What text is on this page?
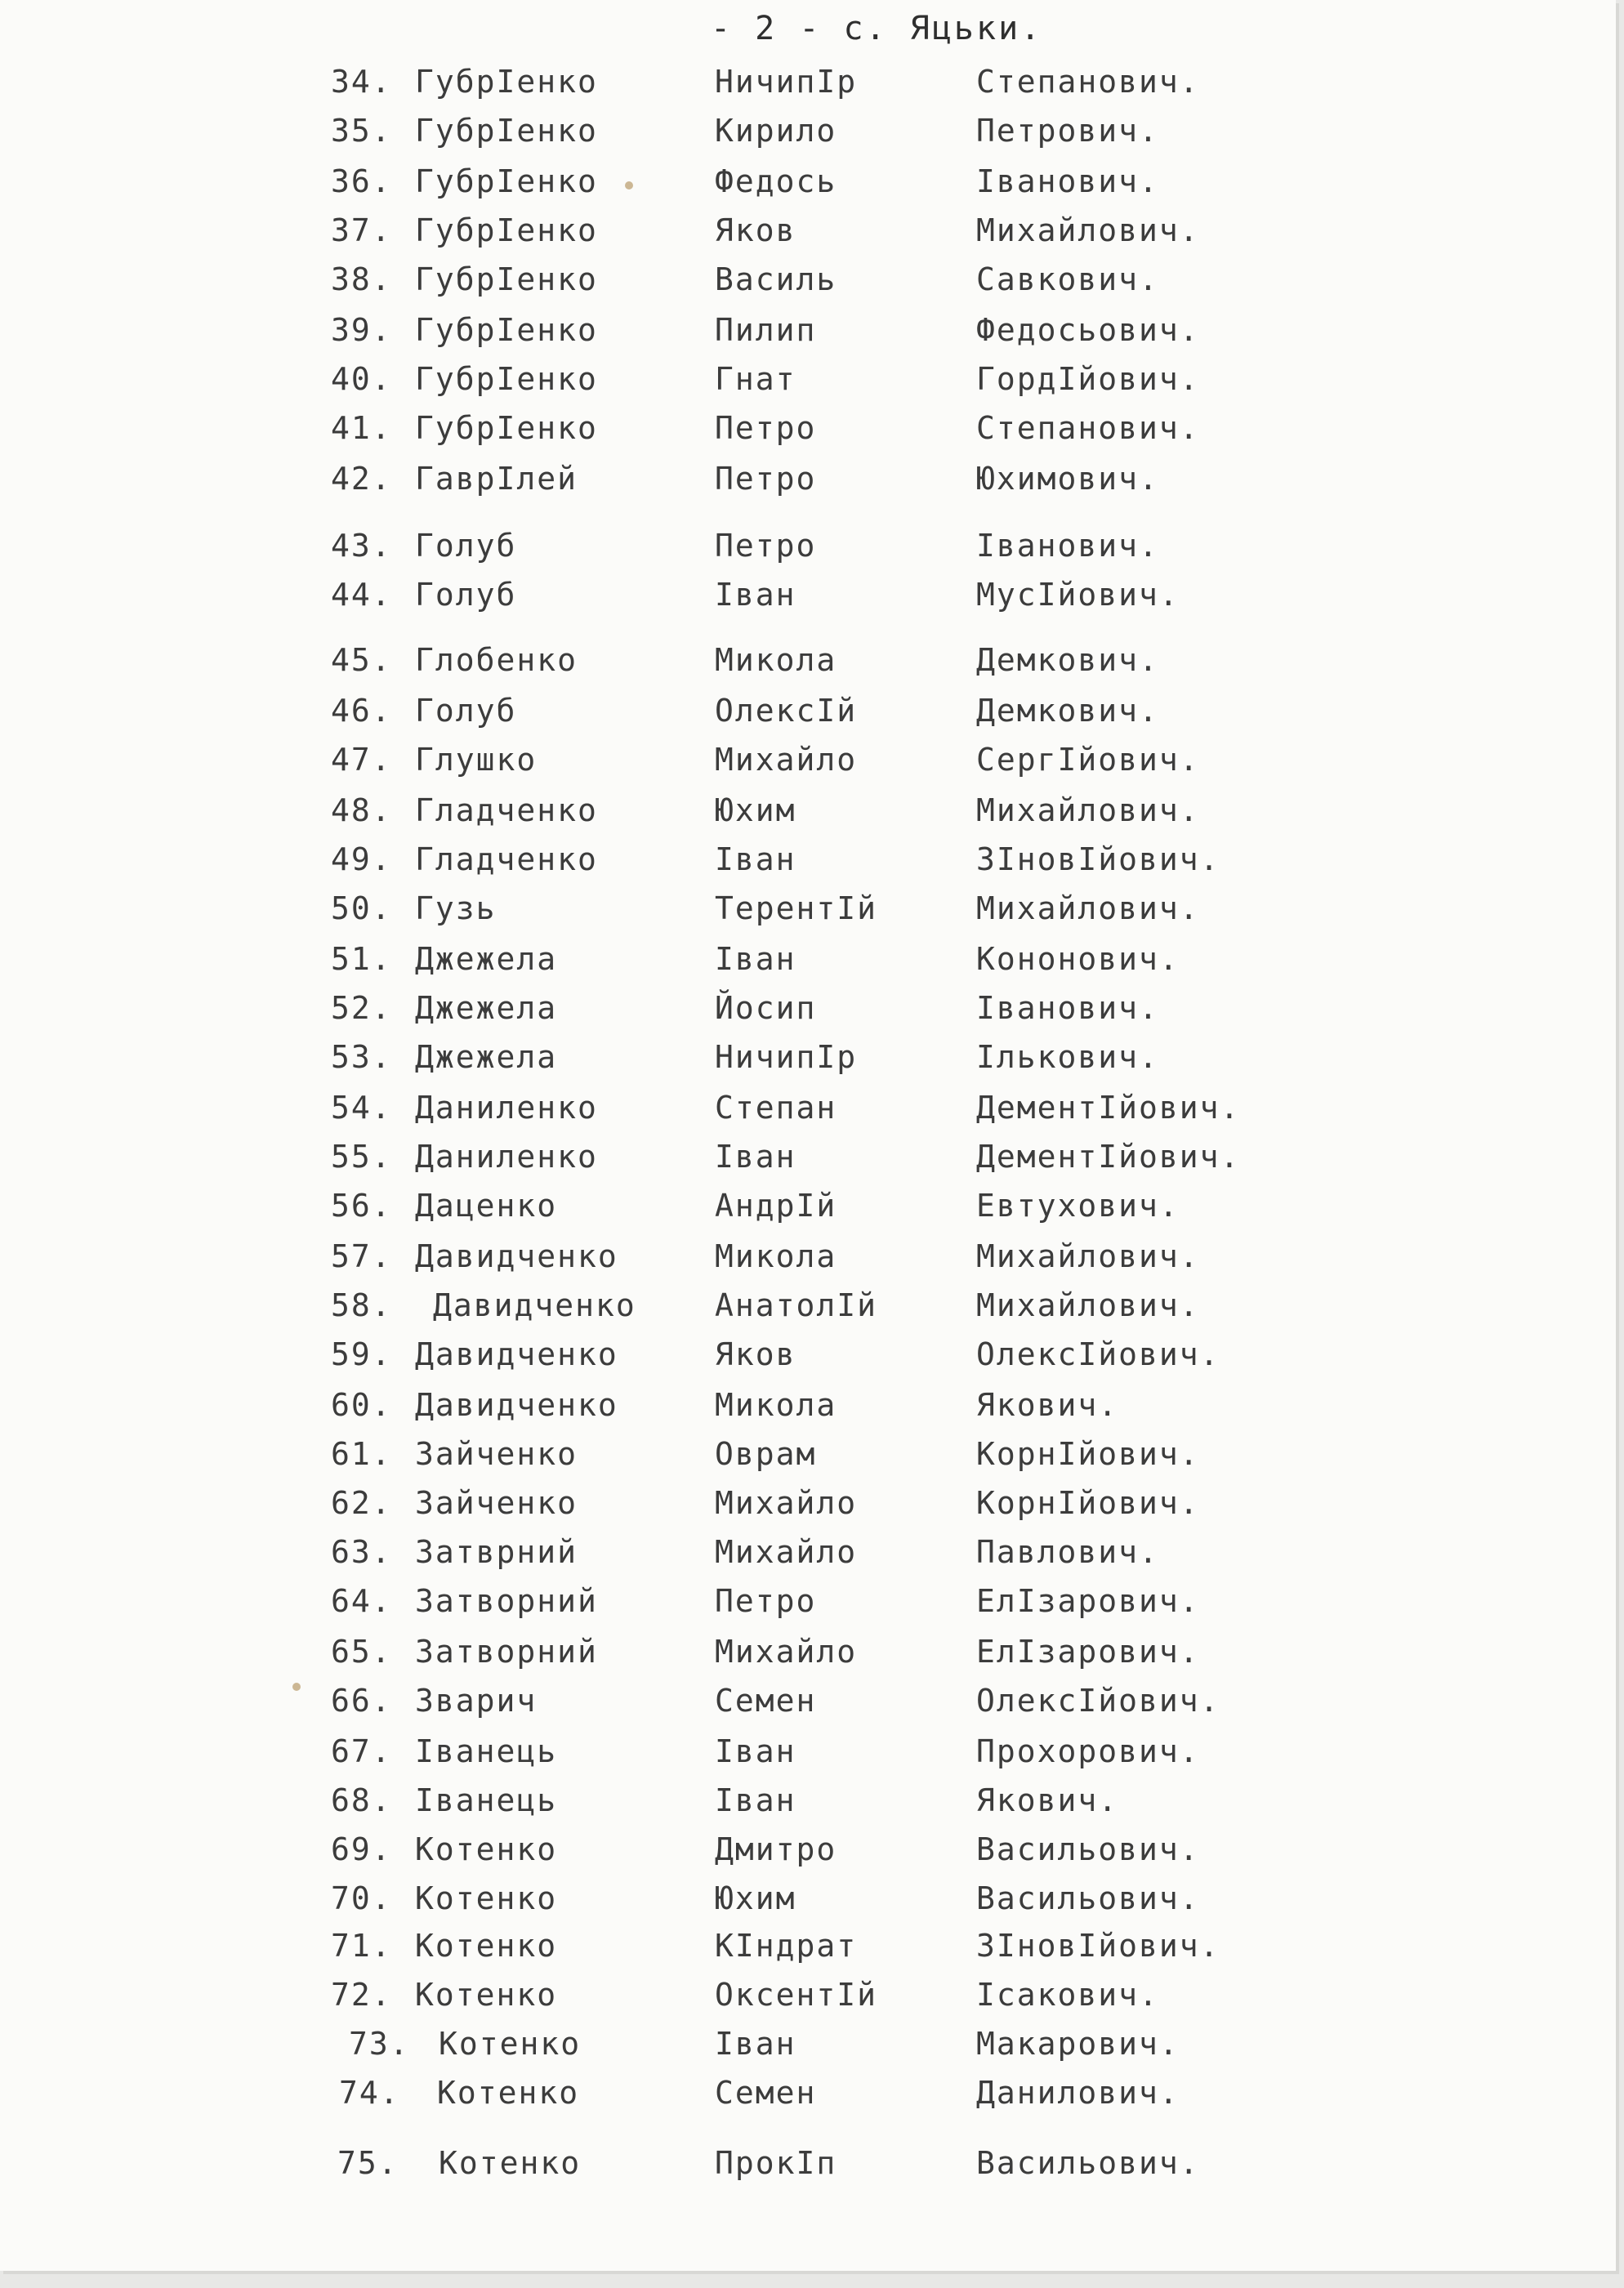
- 2 - с. Яцьки.
34. ГубрІенко	НичипІр	Степанович.
35. ГубрІенко	Кирило	Петрович.
36. ГубрІенко	Федось	Іванович.
37. ГубрІенко	Яков	Михайлович.
38. ГубрІенко	Василь	Савкович.
39. ГубрІенко	Пилип	Федосьович.
40. ГубрІенко	Гнат	ГордІйович.
41. ГубрІенко	Петро	Степанович.
42. ГаврІлей	Петро	Юхимович.
43. Голуб	Петро	Іванович.
44. Голуб	Іван	МусІйович.
45. Глобенко	Микола	Демкович.
46. Голуб	ОлексІй	Демкович.
47. Глушко	Михайло	СергІйович.
48. Гладченко	Юхим	Михайлович.
49. Гладченко	Іван	ЗІновІйович.
50. Гузь	ТерентІй	Михайлович.
51. Джежела	Іван	Кононович.
52. Джежела	Йосип	Іванович.
53. Джежела	НичипІр	Ількович.
54. Даниленко	Степан	ДементІйович.
55. Даниленко	Іван	ДементІйович.
56. Даценко	АндрІй	Евтухович.
57. Давидченко	Микола	Михайлович.
58. Давидченко	АнатолІй	Михайлович.
59. Давидченко	Яков	ОлексІйович.
60. Давидченко	Микола	Якович.
61. Зайченко	Оврам	КорнІйович.
62. Зайченко	Михайло	КорнІйович.
63. Затврний	Михайло	Павлович.
64. Затворний	Петро	ЕлІзарович.
65. Затворний	Михайло	ЕлІзарович.
66. Зварич	Семен	ОлексІйович.
67. Іванець	Іван	Прохорович.
68. Іванець	Іван	Якович.
69. Котенко	Дмитро	Васильович.
70. Котенко	Юхим	Васильович.
71. Котенко	КІндрат	ЗІновІйович.
72. Котенко	ОксентІй	Ісакович.
73. Котенко	Іван	Макарович.
74. Котенко	Семен	Данилович.
75. Котенко	ПрокІп	Васильович.
